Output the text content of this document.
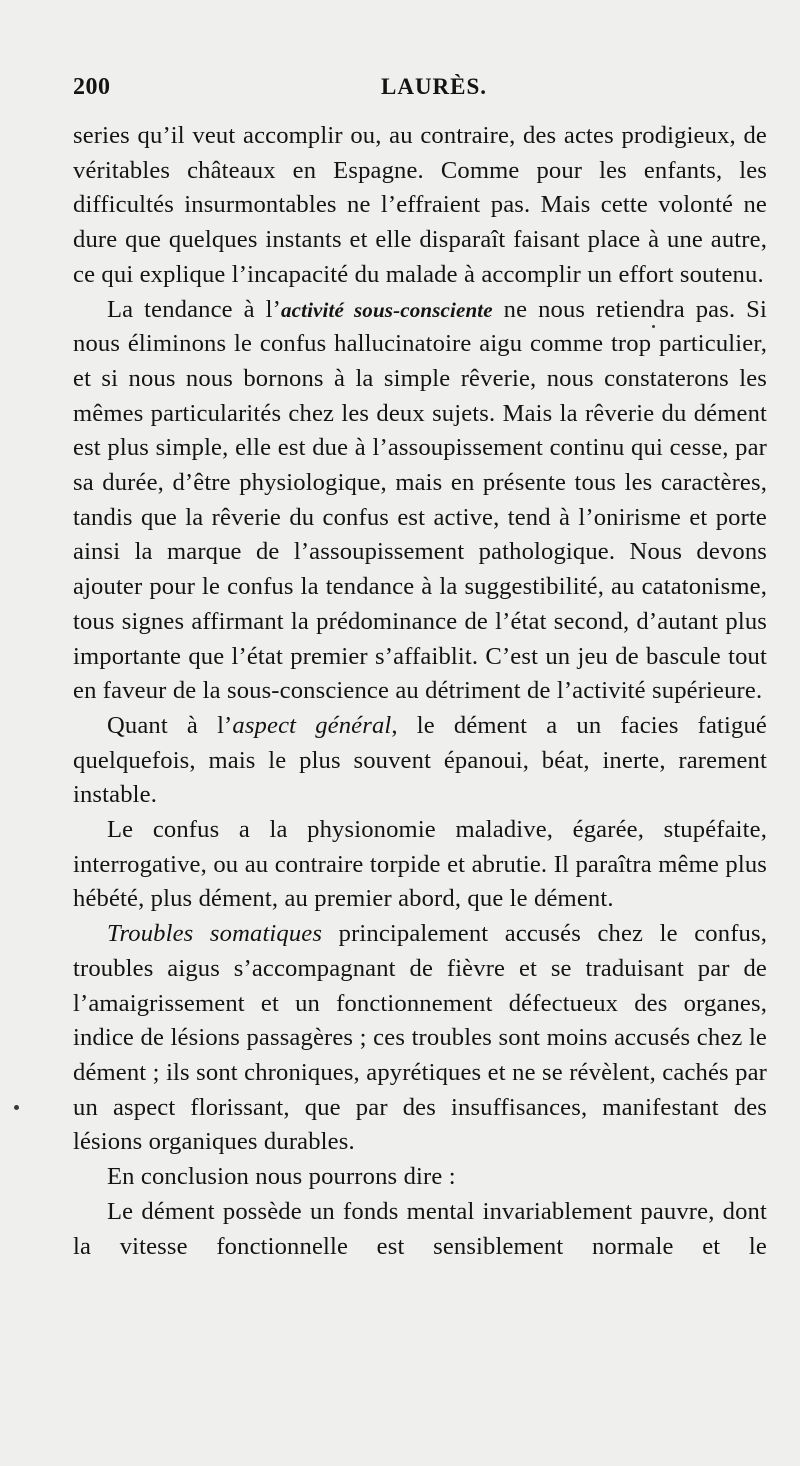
200	LAURÈS.

series qu’il veut accomplir ou, au contraire, des actes prodigieux, de véritables châteaux en Espagne. Comme pour les enfants, les difficultés insurmontables ne l’effraient pas. Mais cette volonté ne dure que quelques instants et elle disparaît faisant place à une autre, ce qui explique l’incapacité du malade à accomplir un effort soutenu.

La tendance à l’activité sous-consciente ne nous retiendra pas. Si nous éliminons le confus hallucinatoire aigu comme trop particulier, et si nous nous bornons à la simple rêverie, nous constaterons les mêmes particularités chez les deux sujets. Mais la rêverie du dément est plus simple, elle est due à l’assoupissement continu qui cesse, par sa durée, d’être physiologique, mais en présente tous les caractères, tandis que la rêverie du confus est active, tend à l’onirisme et porte ainsi la marque de l’assoupissement pathologique. Nous devons ajouter pour le confus la tendance à la suggestibilité, au catatonisme, tous signes affirmant la prédominance de l’état second, d’autant plus importante que l’état premier s’affaiblit. C’est un jeu de bascule tout en faveur de la sous-conscience au détriment de l’activité supérieure.

Quant à l’aspect général, le dément a un facies fatigué quelquefois, mais le plus souvent épanoui, béat, inerte, rarement instable.

Le confus a la physionomie maladive, égarée, stupéfaite, interrogative, ou au contraire torpide et abrutie. Il paraîtra même plus hébété, plus dément, au premier abord, que le dément.

Troubles somatiques principalement accusés chez le confus, troubles aigus s’accompagnant de fièvre et se traduisant par de l’amaigrissement et un fonctionnement défectueux des organes, indice de lésions passagères ; ces troubles sont moins accusés chez le dément ; ils sont chroniques, apyrétiques et ne se révèlent, cachés par un aspect florissant, que par des insuffisances, manifestant des lésions organiques durables.

En conclusion nous pourrons dire :

Le dément possède un fonds mental invariablement pauvre, dont la vitesse fonctionnelle est sensiblement normale et le
